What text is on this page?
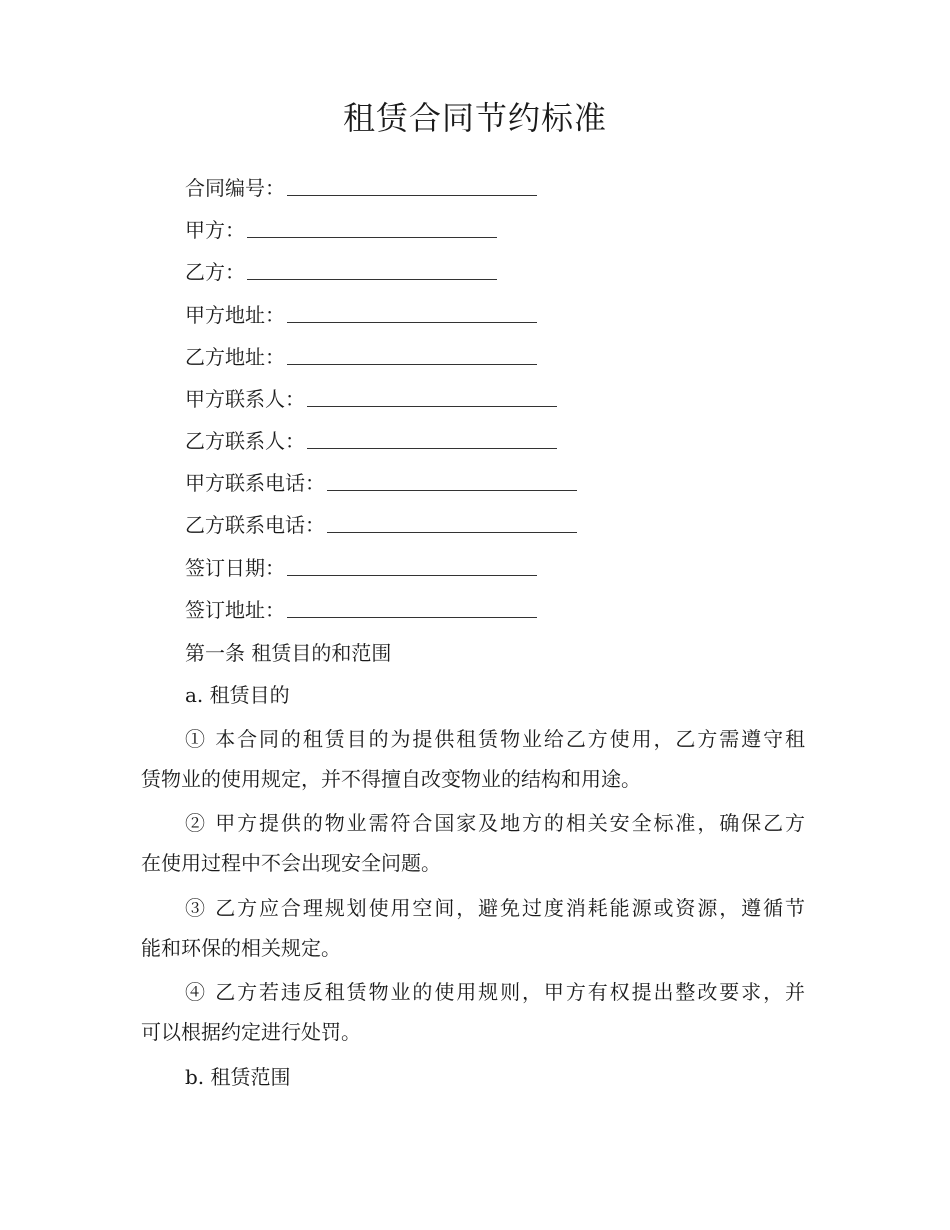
租赁合同节约标准
合同编号：
甲方：
乙方：
甲方地址：
乙方地址：
甲方联系人：
乙方联系人：
甲方联系电话：
乙方联系电话：
签订日期：
签订地址：
第一条 租赁目的和范围
a. 租赁目的
① 本合同的租赁目的为提供租赁物业给乙方使用，乙方需遵守租
赁物业的使用规定，并不得擅自改变物业的结构和用途。
② 甲方提供的物业需符合国家及地方的相关安全标准，确保乙方
在使用过程中不会出现安全问题。
③ 乙方应合理规划使用空间，避免过度消耗能源或资源，遵循节
能和环保的相关规定。
④ 乙方若违反租赁物业的使用规则，甲方有权提出整改要求，并
可以根据约定进行处罚。
b. 租赁范围
